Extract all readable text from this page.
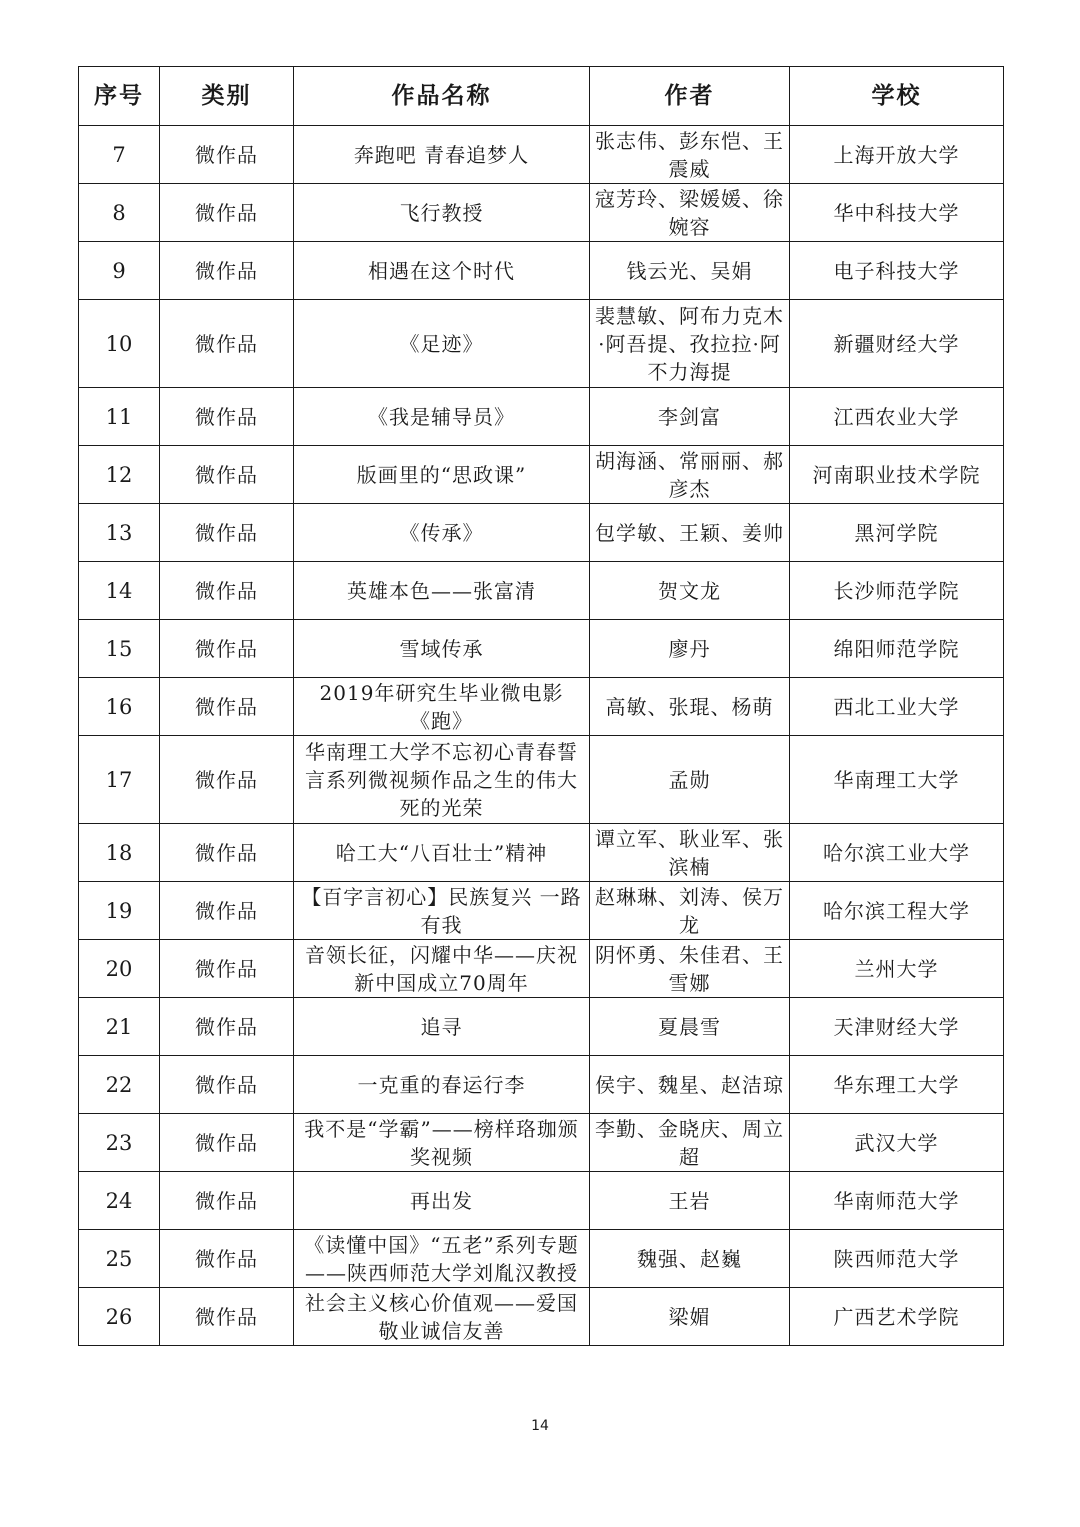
序号	类别	作品名称	作者	学校
7	微作品	奔跑吧 青春追梦人	张志伟、彭东恺、王震威	上海开放大学
8	微作品	飞行教授	寇芳玲、梁媛媛、徐婉容	华中科技大学
9	微作品	相遇在这个时代	钱云光、吴娟	电子科技大学
10	微作品	《足迹》	裴慧敏、阿布力克木·阿吾提、孜拉拉·阿不力海提	新疆财经大学
11	微作品	《我是辅导员》	李剑富	江西农业大学
12	微作品	版画里的“思政课”	胡海涵、常丽丽、郝彦杰	河南职业技术学院
13	微作品	《传承》	包学敏、王颖、姜帅	黑河学院
14	微作品	英雄本色——张富清	贺文龙	长沙师范学院
15	微作品	雪域传承	廖丹	绵阳师范学院
16	微作品	2019年研究生毕业微电影《跑》	高敏、张琨、杨萌	西北工业大学
17	微作品	华南理工大学不忘初心青春誓言系列微视频作品之生的伟大死的光荣	孟勋	华南理工大学
18	微作品	哈工大“八百壮士”精神	谭立军、耿业军、张滨楠	哈尔滨工业大学
19	微作品	【百字言初心】民族复兴 一路有我	赵琳琳、刘涛、侯万龙	哈尔滨工程大学
20	微作品	音领长征，闪耀中华——庆祝新中国成立70周年	阴怀勇、朱佳君、王雪娜	兰州大学
21	微作品	追寻	夏晨雪	天津财经大学
22	微作品	一克重的春运行李	侯宇、魏星、赵洁琼	华东理工大学
23	微作品	我不是“学霸”——榜样珞珈颁奖视频	李勤、金晓庆、周立超	武汉大学
24	微作品	再出发	王岩	华南师范大学
25	微作品	《读懂中国》“五老”系列专题——陕西师范大学刘胤汉教授	魏强、赵巍	陕西师范大学
26	微作品	社会主义核心价值观——爱国敬业诚信友善	梁媚	广西艺术学院
14
